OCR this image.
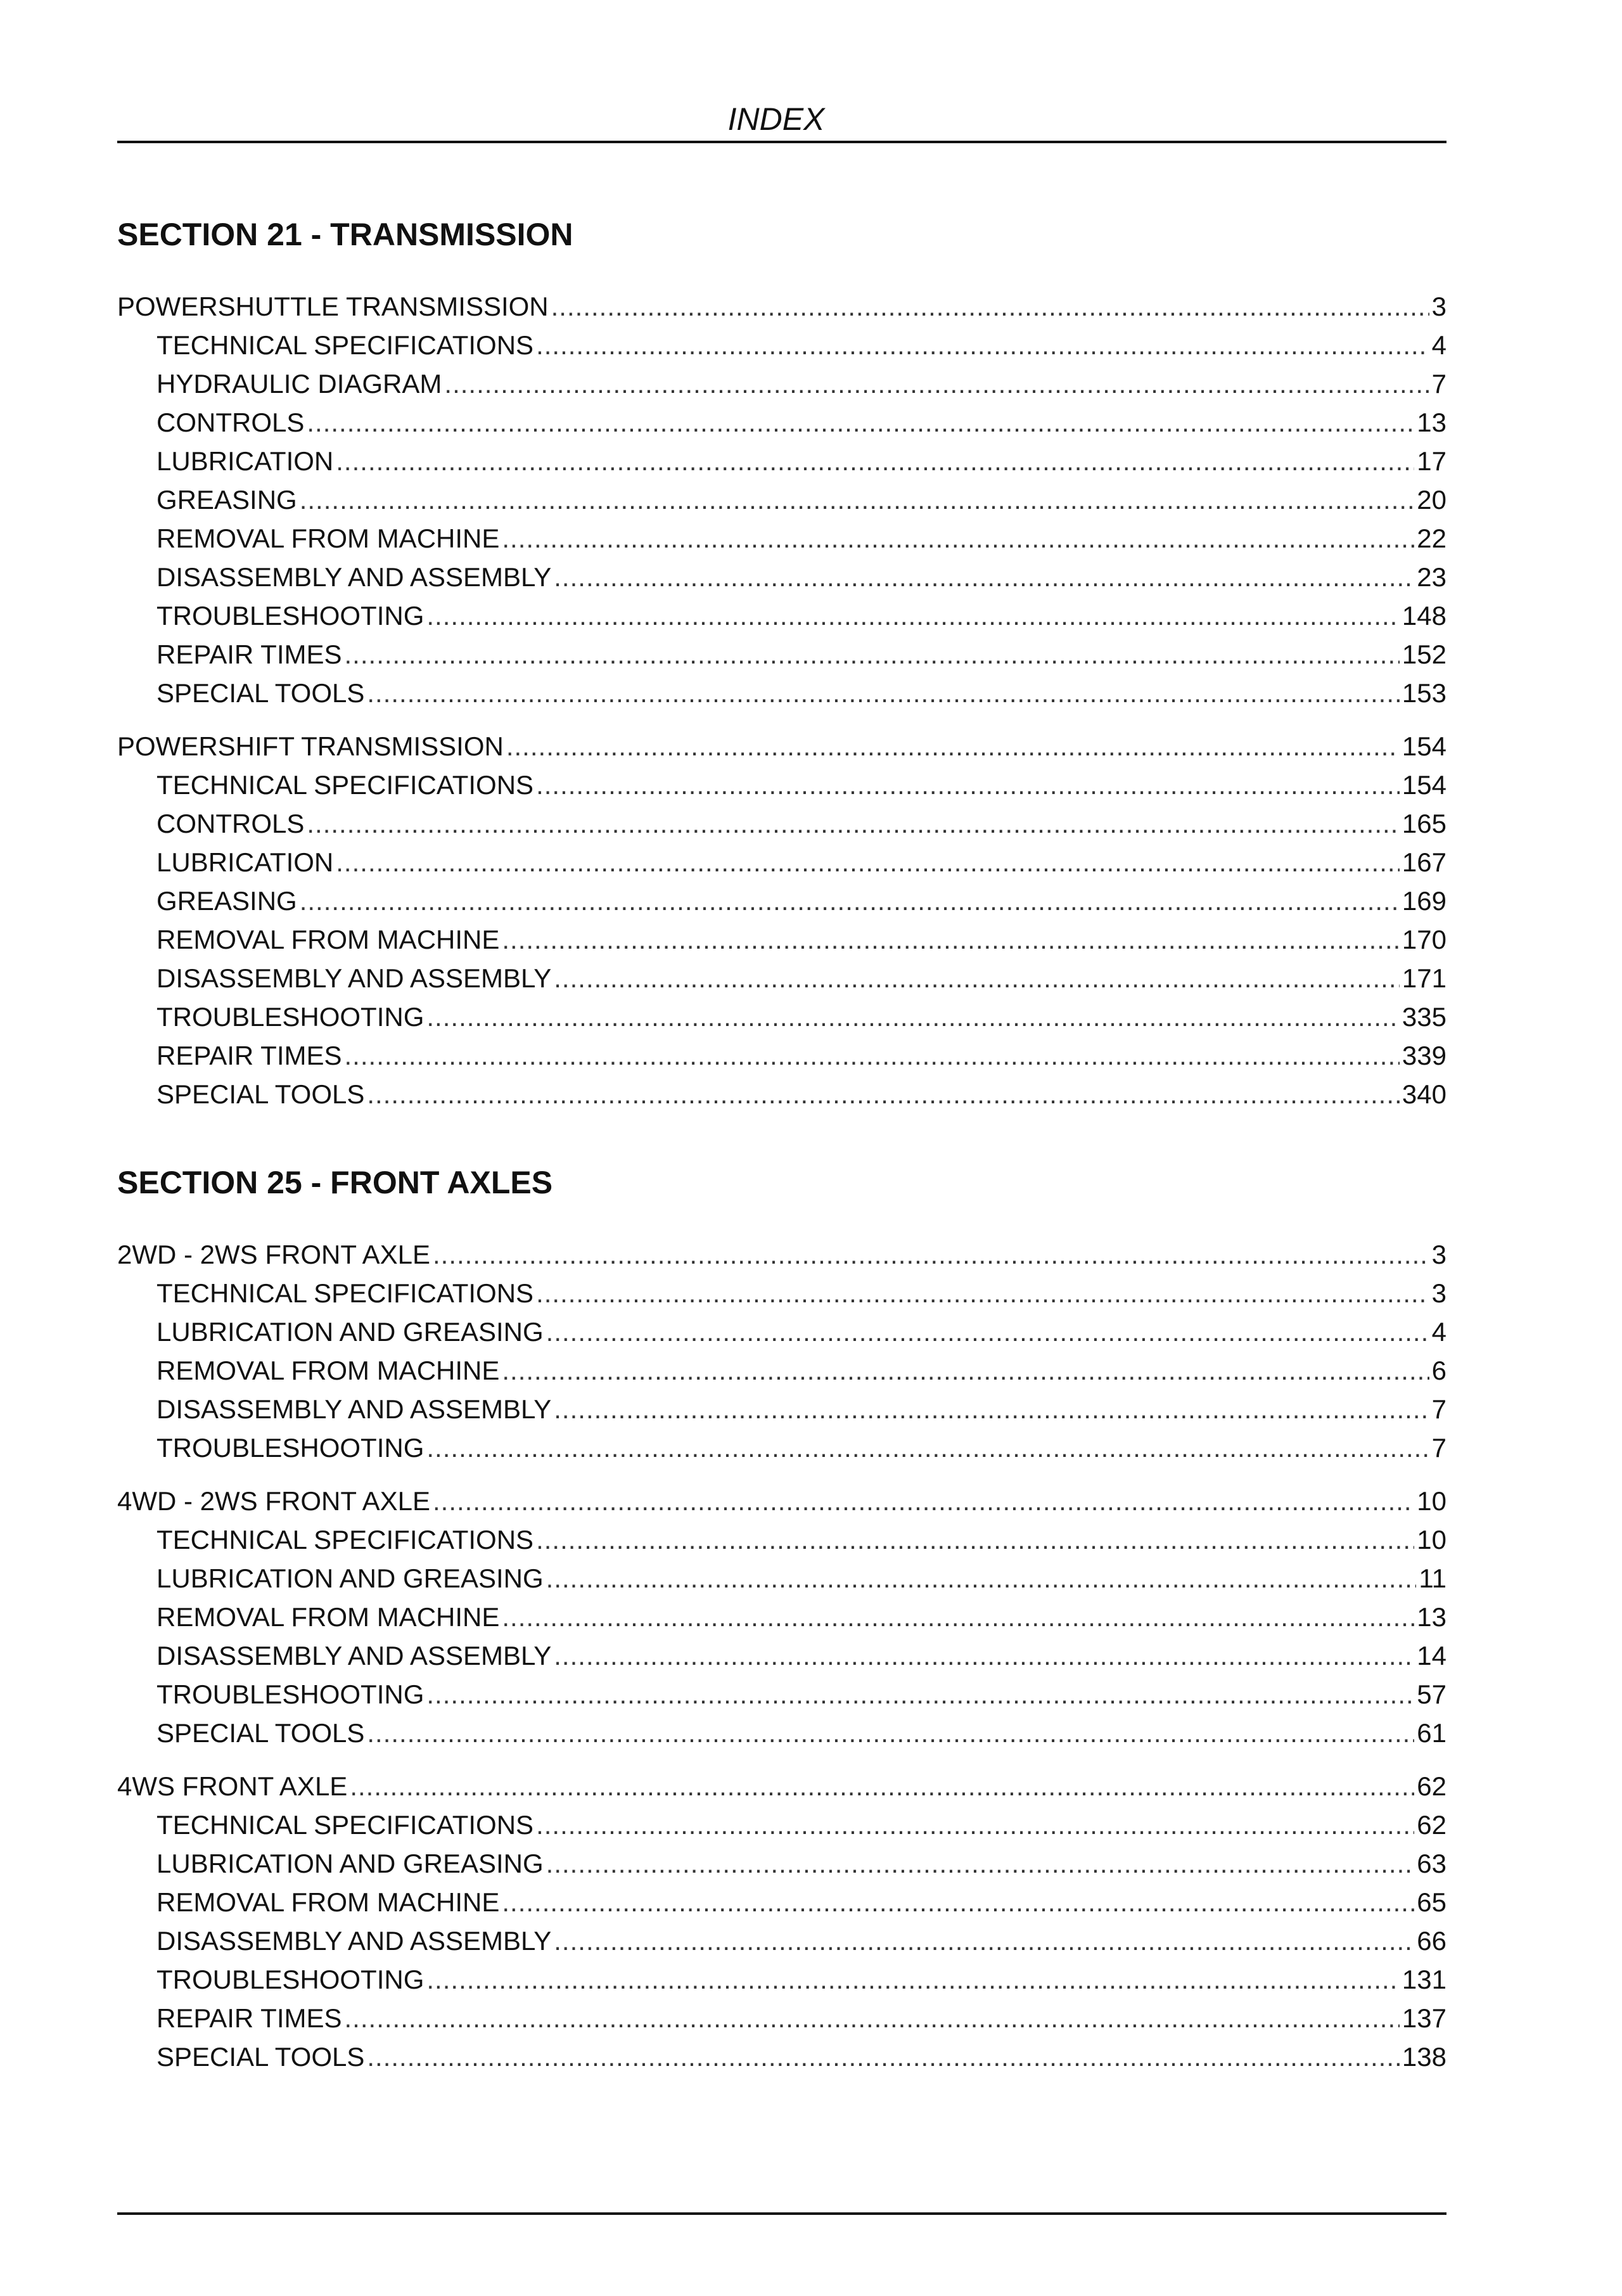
INDEX
SECTION 21 - TRANSMISSION
POWERSHUTTLE TRANSMISSION .....	3
TECHNICAL SPECIFICATIONS .....	4
HYDRAULIC DIAGRAM .....	7
CONTROLS .....	13
LUBRICATION .....	17
GREASING .....	20
REMOVAL FROM MACHINE .....	22
DISASSEMBLY AND ASSEMBLY .....	23
TROUBLESHOOTING .....	148
REPAIR TIMES .....	152
SPECIAL TOOLS .....	153
POWERSHIFT TRANSMISSION .....	154
TECHNICAL SPECIFICATIONS .....	154
CONTROLS .....	165
LUBRICATION .....	167
GREASING .....	169
REMOVAL FROM MACHINE .....	170
DISASSEMBLY AND ASSEMBLY .....	171
TROUBLESHOOTING .....	335
REPAIR TIMES .....	339
SPECIAL TOOLS .....	340
SECTION 25 - FRONT AXLES
2WD - 2WS FRONT AXLE .....	3
TECHNICAL SPECIFICATIONS .....	3
LUBRICATION AND GREASING .....	4
REMOVAL FROM MACHINE .....	6
DISASSEMBLY AND ASSEMBLY .....	7
TROUBLESHOOTING .....	7
4WD - 2WS FRONT AXLE .....	10
TECHNICAL SPECIFICATIONS .....	10
LUBRICATION AND GREASING .....	11
REMOVAL FROM MACHINE .....	13
DISASSEMBLY AND ASSEMBLY .....	14
TROUBLESHOOTING .....	57
SPECIAL TOOLS .....	61
4WS FRONT AXLE .....	62
TECHNICAL SPECIFICATIONS .....	62
LUBRICATION AND GREASING .....	63
REMOVAL FROM MACHINE .....	65
DISASSEMBLY AND ASSEMBLY .....	66
TROUBLESHOOTING .....	131
REPAIR TIMES .....	137
SPECIAL TOOLS .....	138
